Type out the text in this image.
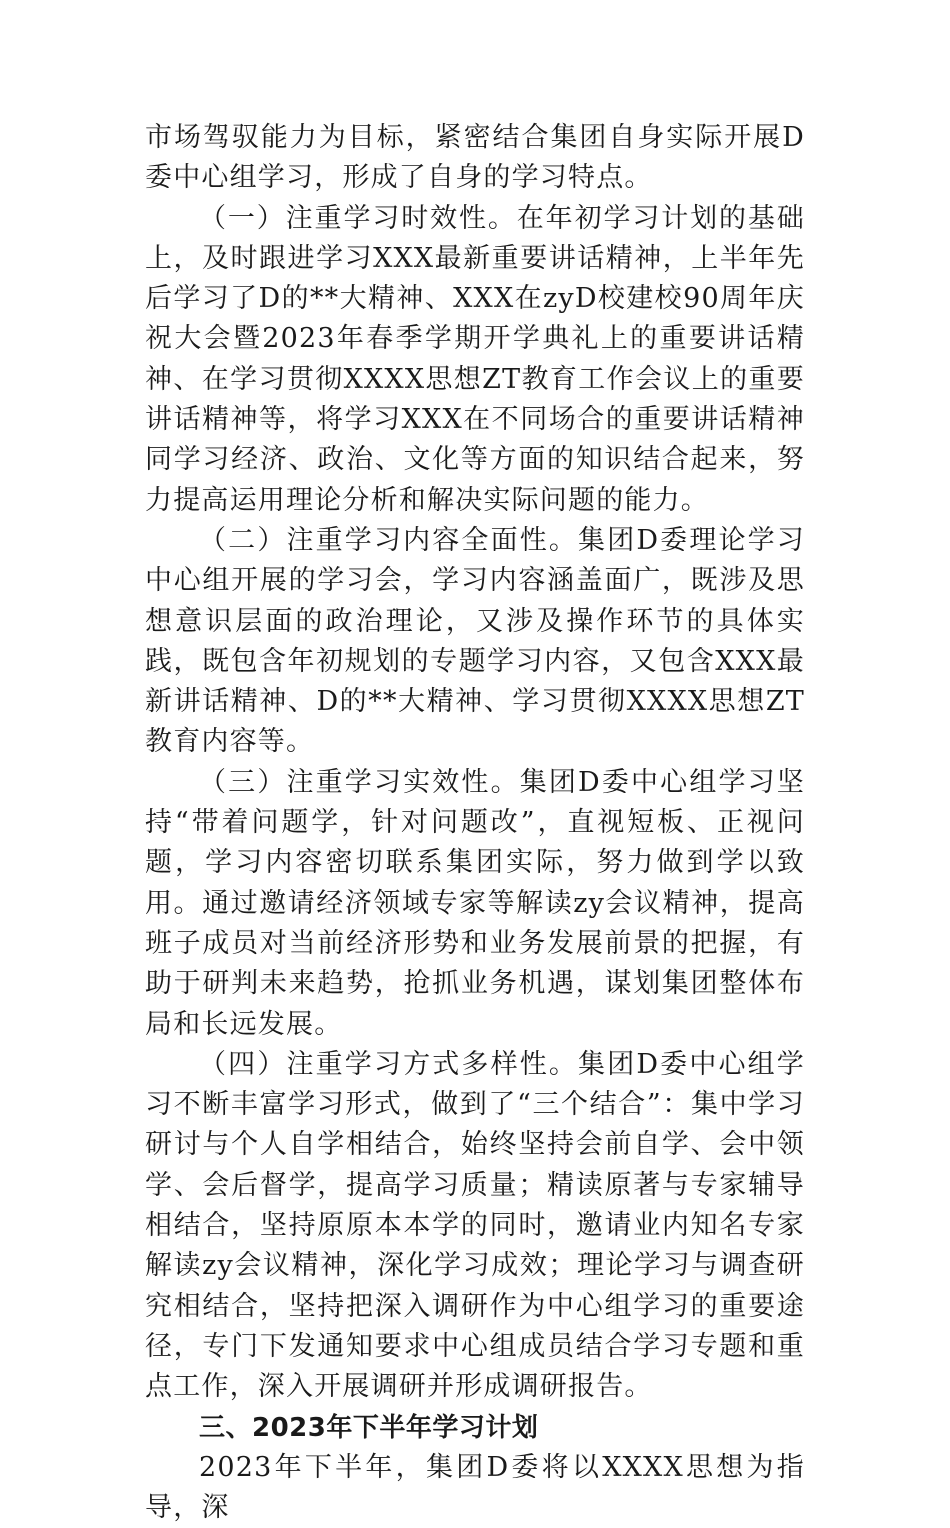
市场驾驭能力为目标，紧密结合集团自身实际开展D委中心组学习，形成了自身的学习特点。

（一）注重学习时效性。在年初学习计划的基础上，及时跟进学习XXX最新重要讲话精神，上半年先后学习了D的**大精神、XXX在zyD校建校90周年庆祝大会暨2023年春季学期开学典礼上的重要讲话精神、在学习贯彻XXXX思想ZT教育工作会议上的重要讲话精神等，将学习XXX在不同场合的重要讲话精神同学习经济、政治、文化等方面的知识结合起来，努力提高运用理论分析和解决实际问题的能力。

（二）注重学习内容全面性。集团D委理论学习中心组开展的学习会，学习内容涵盖面广，既涉及思想意识层面的政治理论，又涉及操作环节的具体实践，既包含年初规划的专题学习内容，又包含XXX最新讲话精神、D的**大精神、学习贯彻XXXX思想ZT教育内容等。

（三）注重学习实效性。集团D委中心组学习坚持“带着问题学，针对问题改”，直视短板、正视问题，学习内容密切联系集团实际，努力做到学以致用。通过邀请经济领域专家等解读zy会议精神，提高班子成员对当前经济形势和业务发展前景的把握，有助于研判未来趋势，抢抓业务机遇，谋划集团整体布局和长远发展。

（四）注重学习方式多样性。集团D委中心组学习不断丰富学习形式，做到了“三个结合”：集中学习研讨与个人自学相结合，始终坚持会前自学、会中领学、会后督学，提高学习质量；精读原著与专家辅导相结合，坚持原原本本学的同时，邀请业内知名专家解读zy会议精神，深化学习成效；理论学习与调查研究相结合，坚持把深入调研作为中心组学习的重要途径，专门下发通知要求中心组成员结合学习专题和重点工作，深入开展调研并形成调研报告。

三、2023年下半年学习计划

2023年下半年，集团D委将以XXXX思想为指导，深
